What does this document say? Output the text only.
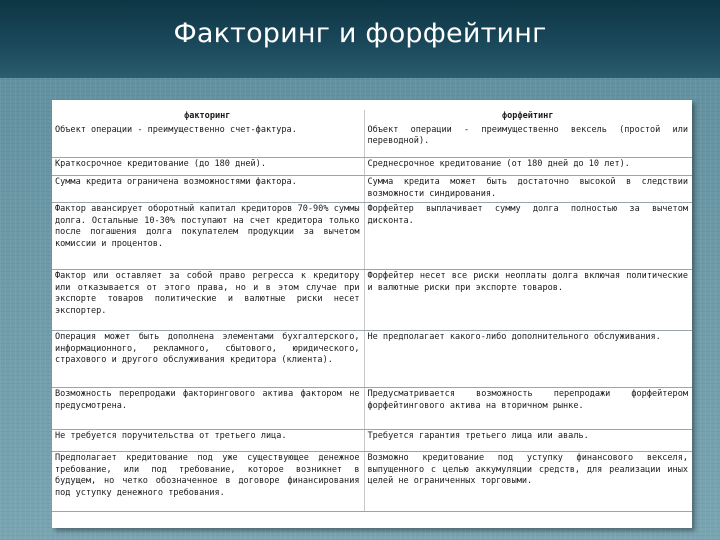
Факторинг и форфейтинг
факторинг	форфейтинг
Объект операции - преимущественно счет-фактура.	Объект операции - преимущественно вексель (простой или переводной).
Краткосрочное кредитование (до 180 дней).	Среднесрочное кредитование (от 180 дней до 10 лет).
Сумма кредита ограничена возможностями фактора.	Сумма кредита может быть достаточно высокой в следствии возможности синдирования.
Фактор авансирует оборотный капитал кредиторов 70-90% суммы долга. Остальные 10-30% поступают на счет кредитора только после погашения долга покупателем продукции за вычетом комиссии и процентов.	Форфейтер выплачивает сумму долга полностью за вычетом дисконта.
Фактор или оставляет за собой право регресса к кредитору или отказывается от этого права, но и в этом случае при экспорте товаров политические и валютные риски несет экспортер.	Форфейтер несет все риски неоплаты долга включая политические и валютные риски при экспорте товаров.
Операция может быть дополнена элементами бухгалтерского, информационного, рекламного, сбытового, юридического, страхового и другого обслуживания кредитора (клиента).	Не предполагает какого-либо дополнительного обслуживания.
Возможность перепродажи факторингового актива фактором не предусмотрена.	Предусматривается возможность перепродажи форфейтером форфейтингового актива на вторичном рынке.
Не требуется поручительства от третьего лица.	Требуется гарантия третьего лица или аваль.
Предполагает кредитование под уже существующее денежное требование, или под требование, которое возникнет в будущем, но четко обозначенное в договоре финансирования под уступку денежного требования.	Возможно кредитование под уступку финансового векселя, выпущенного с целью аккумуляции средств, для реализации иных целей не ограниченных торговыми.
